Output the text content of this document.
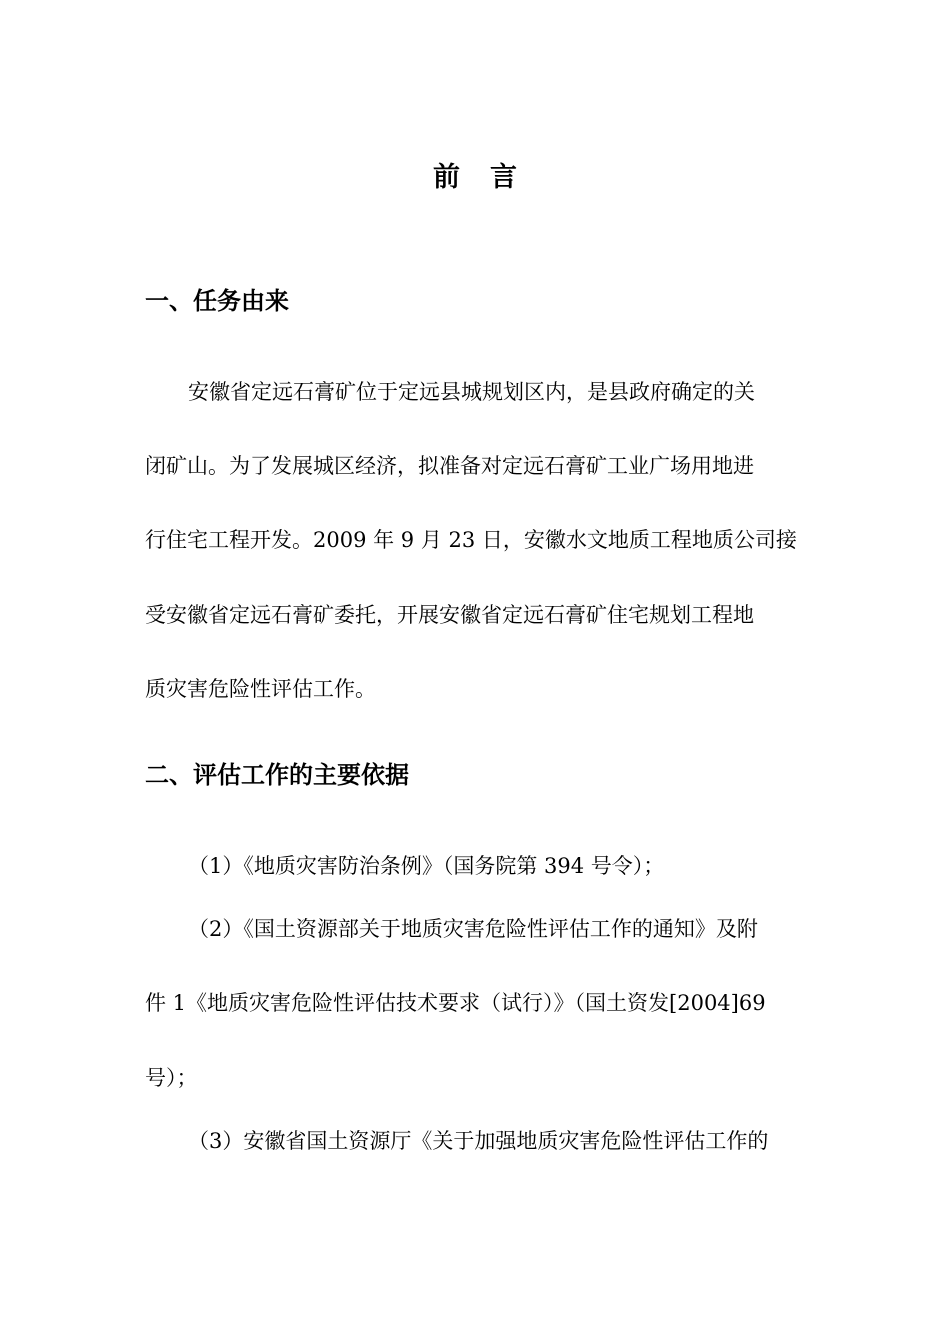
前 言
一、任务由来
安徽省定远石膏矿位于定远县城规划区内，是县政府确定的关
闭矿山。为了发展城区经济，拟准备对定远石膏矿工业广场用地进
行住宅工程开发。2009 年 9 月 23 日，安徽水文地质工程地质公司接
受安徽省定远石膏矿委托，开展安徽省定远石膏矿住宅规划工程地
质灾害危险性评估工作。
二、评估工作的主要依据
（1）《地质灾害防治条例》（国务院第 394 号令）；
（2）《国土资源部关于地质灾害危险性评估工作的通知》及附
件 1《地质灾害危险性评估技术要求（试行）》（国土资发[2004]69
号）；
（3）安徽省国土资源厅《关于加强地质灾害危险性评估工作的
